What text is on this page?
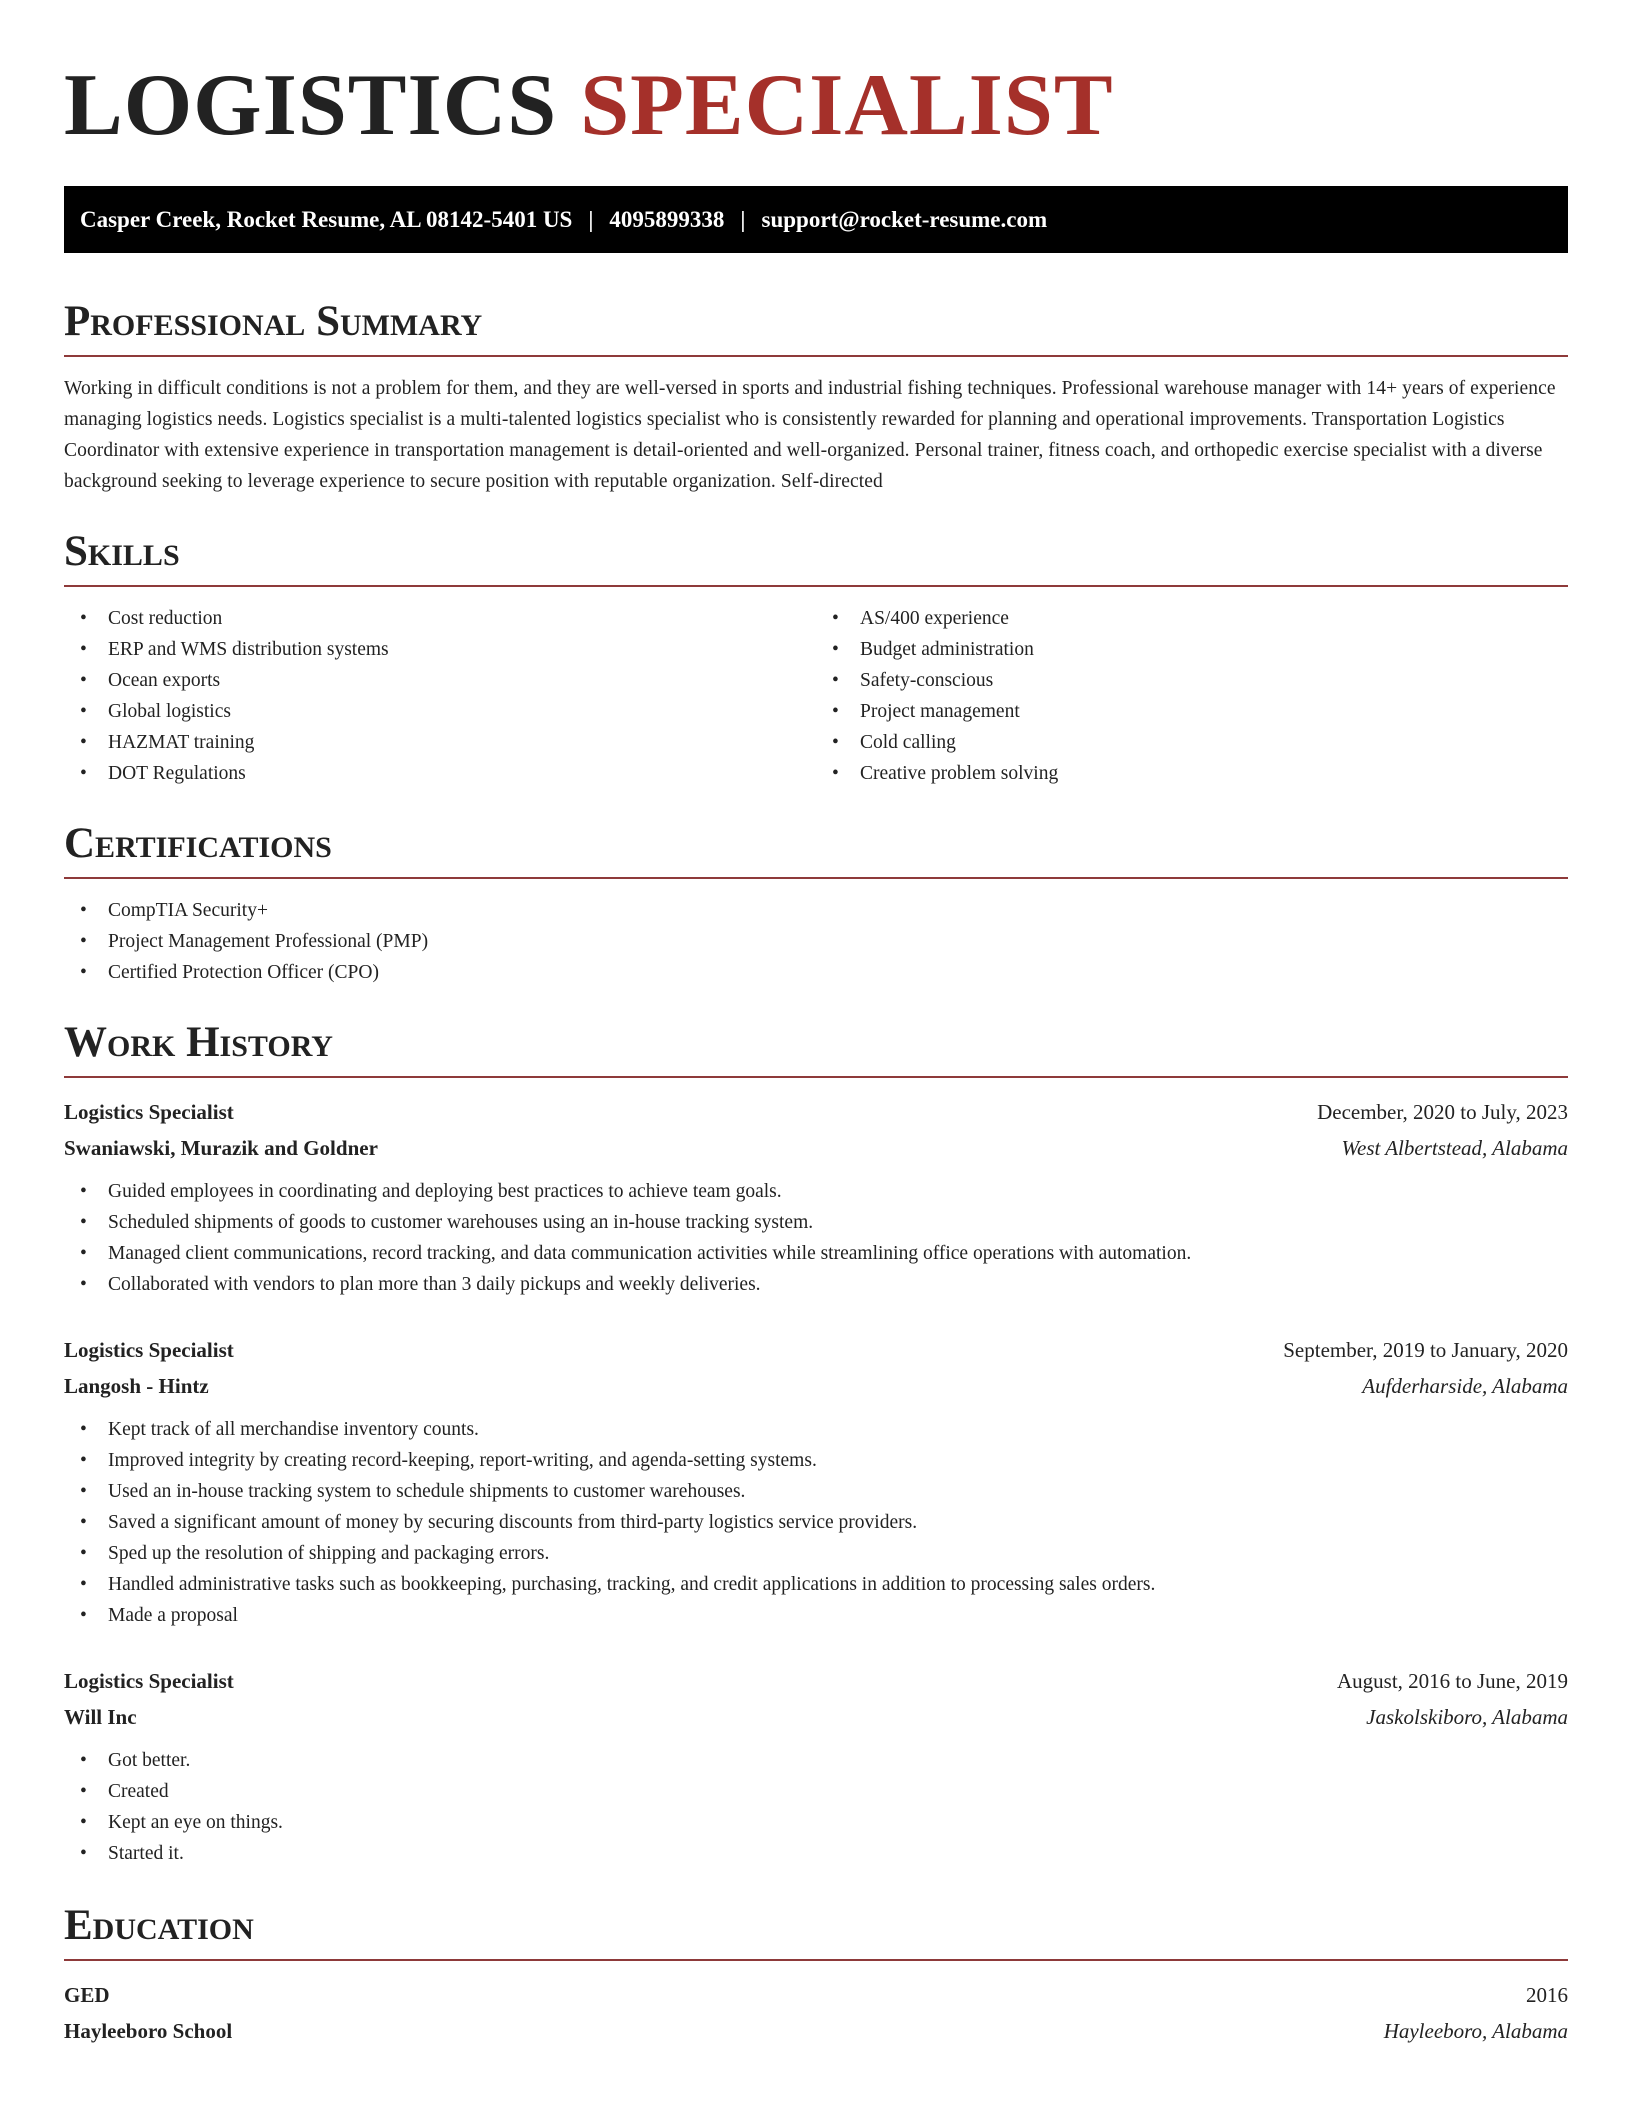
LOGISTICS SPECIALIST
Casper Creek, Rocket Resume, AL 08142-5401 US | 4095899338 | support@rocket-resume.com
Professional Summary
Working in difficult conditions is not a problem for them, and they are well-versed in sports and industrial fishing techniques. Professional warehouse manager with 14+ years of experience managing logistics needs. Logistics specialist is a multi-talented logistics specialist who is consistently rewarded for planning and operational improvements. Transportation Logistics Coordinator with extensive experience in transportation management is detail-oriented and well-organized. Personal trainer, fitness coach, and orthopedic exercise specialist with a diverse background seeking to leverage experience to secure position with reputable organization. Self-directed
Skills
• Cost reduction
• ERP and WMS distribution systems
• Ocean exports
• Global logistics
• HAZMAT training
• DOT Regulations
• AS/400 experience
• Budget administration
• Safety-conscious
• Project management
• Cold calling
• Creative problem solving
Certifications
• CompTIA Security+
• Project Management Professional (PMP)
• Certified Protection Officer (CPO)
Work History
Logistics Specialist	December, 2020 to July, 2023
Swaniawski, Murazik and Goldner	West Albertstead, Alabama
• Guided employees in coordinating and deploying best practices to achieve team goals.
• Scheduled shipments of goods to customer warehouses using an in-house tracking system.
• Managed client communications, record tracking, and data communication activities while streamlining office operations with automation.
• Collaborated with vendors to plan more than 3 daily pickups and weekly deliveries.
Logistics Specialist	September, 2019 to January, 2020
Langosh - Hintz	Aufderharside, Alabama
• Kept track of all merchandise inventory counts.
• Improved integrity by creating record-keeping, report-writing, and agenda-setting systems.
• Used an in-house tracking system to schedule shipments to customer warehouses.
• Saved a significant amount of money by securing discounts from third-party logistics service providers.
• Sped up the resolution of shipping and packaging errors.
• Handled administrative tasks such as bookkeeping, purchasing, tracking, and credit applications in addition to processing sales orders.
• Made a proposal
Logistics Specialist	August, 2016 to June, 2019
Will Inc	Jaskolskiboro, Alabama
• Got better.
• Created
• Kept an eye on things.
• Started it.
Education
GED	2016
Hayleeboro School	Hayleeboro, Alabama
